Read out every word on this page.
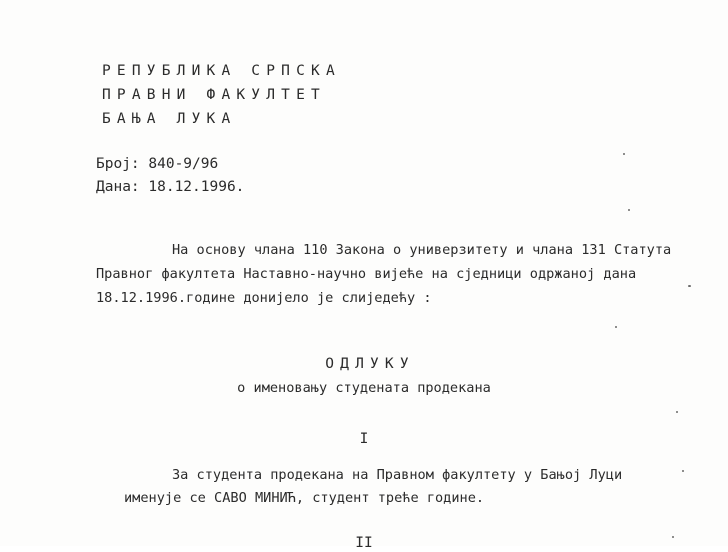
РЕПУБЛИКА СРПСКА
ПРАВНИ ФАКУЛТЕТ
БАЊА ЛУКА
Број: 840-9/96
Дана: 18.12.1996.
На основу члана 110 Закона о универзитету и члана 131 Статута
Правног факултета Наставно-научно вијеће на сједници одржаној дана
18.12.1996.године донијело је слиједећу :
ОДЛУКУ
о именовању студената продекана
I
За студента продекана на Правном факултету у Бањој Луци
именује се САВО МИНИЋ, студент треће године.
II
